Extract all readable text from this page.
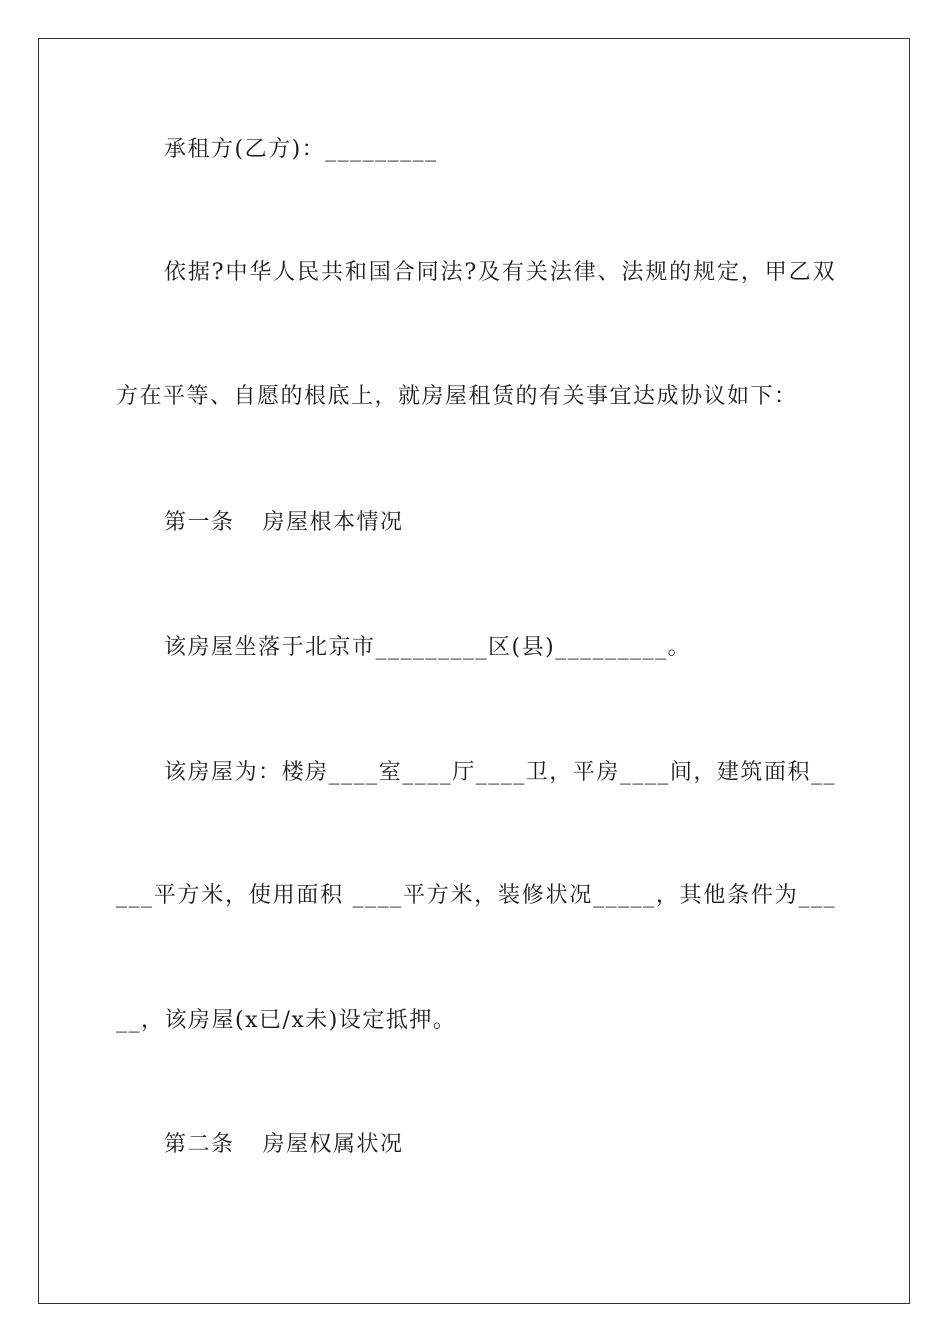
承租方(乙方)：_________
依据?中华人民共和国合同法?及有关法律、法规的规定，甲乙双
方在平等、自愿的根底上，就房屋租赁的有关事宜达成协议如下：
第一条 房屋根本情况
该房屋坐落于北京市_________区(县)_________。
该房屋为：楼房____室____厅____卫，平房____间，建筑面积__
___平方米，使用面积 ____平方米，装修状况_____，其他条件为___
__，该房屋(x已/x未)设定抵押。
第二条 房屋权属状况
